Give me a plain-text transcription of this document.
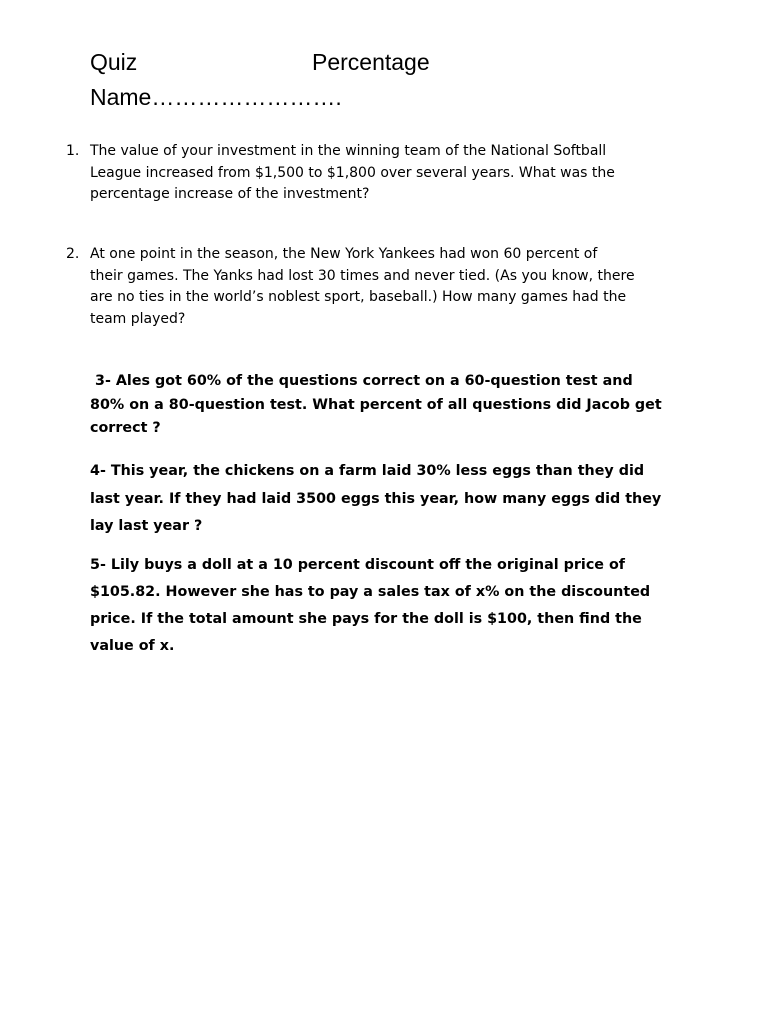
Quiz	Percentage
Name…………………….
1. The value of your investment in the winning team of the National Softball
League increased from $1,500 to $1,800 over several years. What was the
percentage increase of the investment?
2. At one point in the season, the New York Yankees had won 60 percent of
their games. The Yanks had lost 30 times and never tied. (As you know, there
are no ties in the world’s noblest sport, baseball.) How many games had the
team played?
3- Ales got 60% of the questions correct on a 60-question test and
80% on a 80-question test. What percent of all questions did Jacob get
correct ?
4- This year, the chickens on a farm laid 30% less eggs than they did
last year. If they had laid 3500 eggs this year, how many eggs did they
lay last year ?
5- Lily buys a doll at a 10 percent discount off the original price of
$105.82. However she has to pay a sales tax of x% on the discounted
price. If the total amount she pays for the doll is $100, then find the
value of x.
